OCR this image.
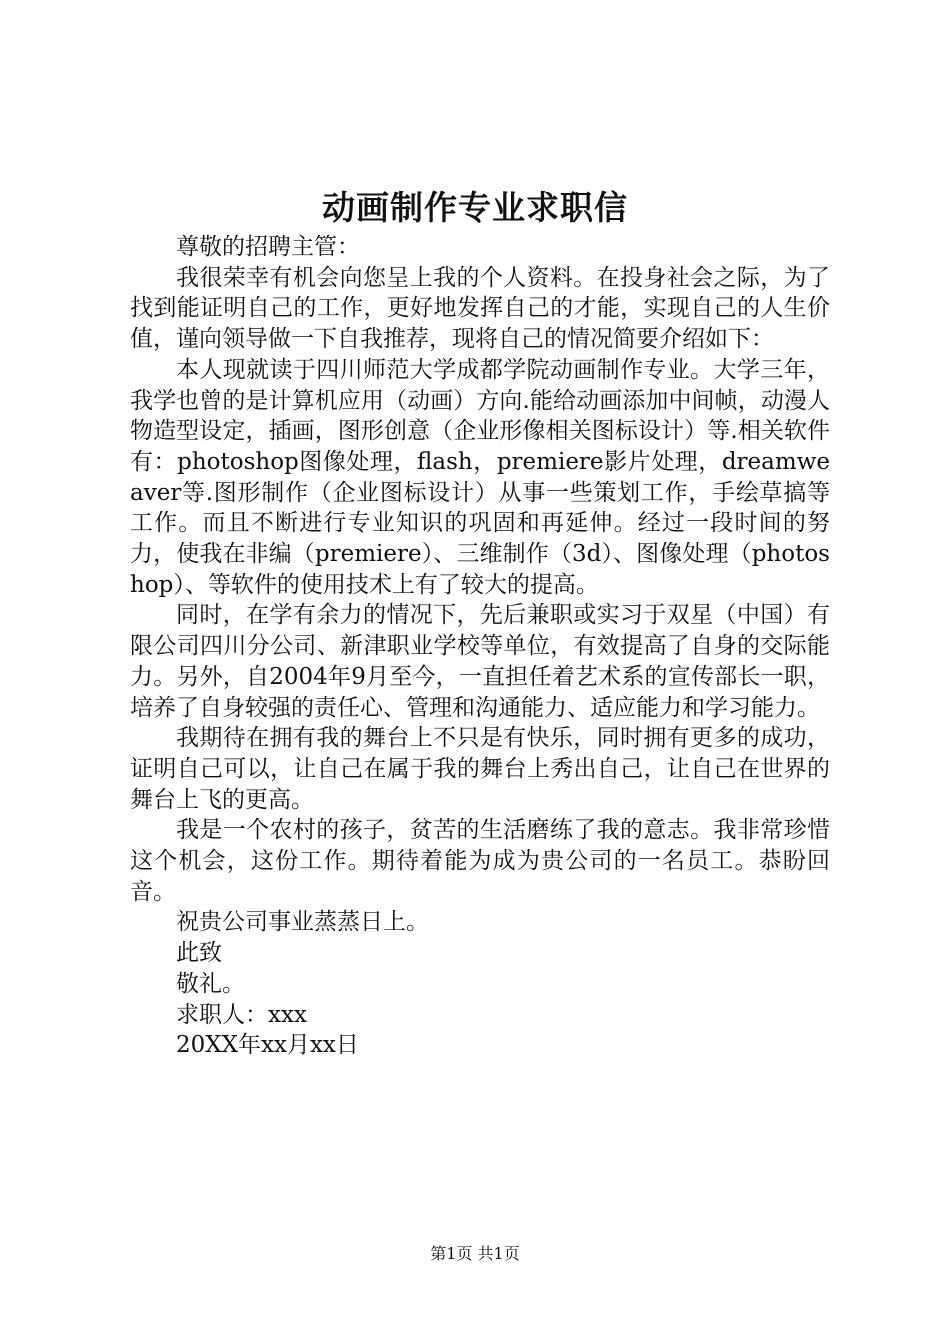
动画制作专业求职信

尊敬的招聘主管：

我很荣幸有机会向您呈上我的个人资料。在投身社会之际，为了找到能证明自己的工作，更好地发挥自己的才能，实现自己的人生价值，谨向领导做一下自我推荐，现将自己的情况简要介绍如下：

本人现就读于四川师范大学成都学院动画制作专业。大学三年，我学也曾的是计算机应用（动画）方向.能给动画添加中间帧，动漫人物造型设定，插画，图形创意（企业形像相关图标设计）等.相关软件有：photoshop图像处理，flash，premiere影片处理，dreamweaver等.图形制作（企业图标设计）从事一些策划工作，手绘草搞等工作。而且不断进行专业知识的巩固和再延伸。经过一段时间的努力，使我在非编（premiere）、三维制作（3d）、图像处理（photoshop）、等软件的使用技术上有了较大的提高。

同时，在学有余力的情况下，先后兼职或实习于双星（中国）有限公司四川分公司、新津职业学校等单位，有效提高了自身的交际能力。另外，自2004年9月至今，一直担任着艺术系的宣传部长一职，培养了自身较强的责任心、管理和沟通能力、适应能力和学习能力。

我期待在拥有我的舞台上不只是有快乐，同时拥有更多的成功，证明自己可以，让自己在属于我的舞台上秀出自己，让自己在世界的舞台上飞的更高。

我是一个农村的孩子，贫苦的生活磨练了我的意志。我非常珍惜这个机会，这份工作。期待着能为成为贵公司的一名员工。恭盼回音。

祝贵公司事业蒸蒸日上。

此致

敬礼。

求职人：xxx

20XX年xx月xx日

第1页 共1页
